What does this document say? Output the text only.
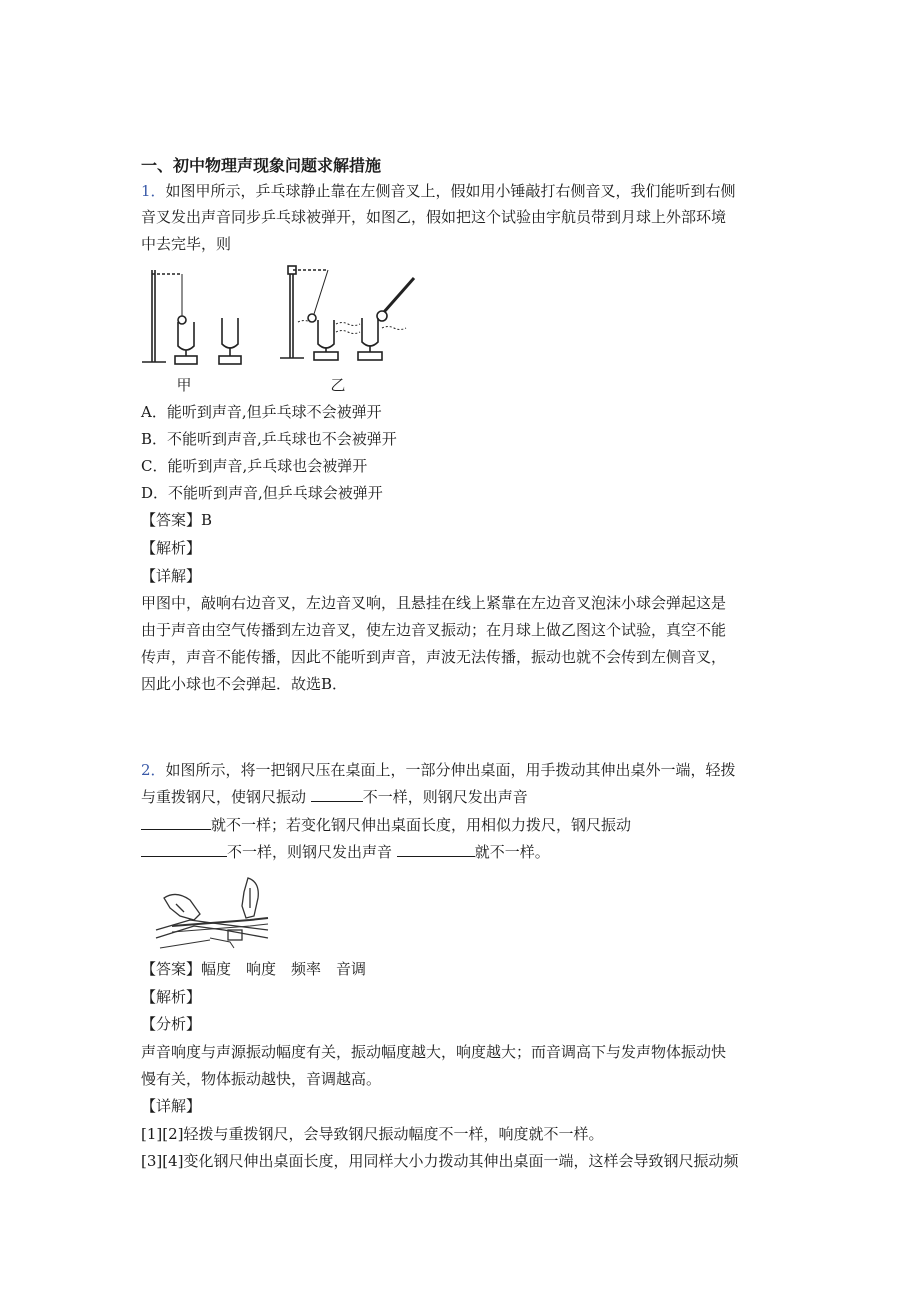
一、初中物理声现象问题求解措施
1．如图甲所示，乒乓球静止靠在左侧音叉上，假如用小锤敲打右侧音叉，我们能听到右侧
音叉发出声音同步乒乓球被弹开，如图乙，假如把这个试验由宇航员带到月球上外部环境
中去完毕，则
甲	乙
A．能听到声音,但乒乓球不会被弹开
B．不能听到声音,乒乓球也不会被弹开
C．能听到声音,乒乓球也会被弹开
D．不能听到声音,但乒乓球会被弹开
【答案】B
【解析】
【详解】
甲图中，敲响右边音叉，左边音叉响，且悬挂在线上紧靠在左边音叉泡沫小球会弹起这是
由于声音由空气传播到左边音叉，使左边音叉振动；在月球上做乙图这个试验，真空不能
传声，声音不能传播，因此不能听到声音，声波无法传播，振动也就不会传到左侧音叉，
因此小球也不会弹起．故选B．
2．如图所示，将一把钢尺压在桌面上，一部分伸出桌面，用手拨动其伸出桌外一端，轻拨
与重拨钢尺，使钢尺振动	不一样，则钢尺发出声音
就不一样；若变化钢尺伸出桌面长度，用相似力拨尺，钢尺振动
不一样，则钢尺发出声音	就不一样。
【答案】幅度　响度　频率　音调
【解析】
【分析】
声音响度与声源振动幅度有关，振动幅度越大，响度越大；而音调高下与发声物体振动快
慢有关，物体振动越快，音调越高。
【详解】
[1][2]轻拨与重拨钢尺，会导致钢尺振动幅度不一样，响度就不一样。
[3][4]变化钢尺伸出桌面长度，用同样大小力拨动其伸出桌面一端，这样会导致钢尺振动频
